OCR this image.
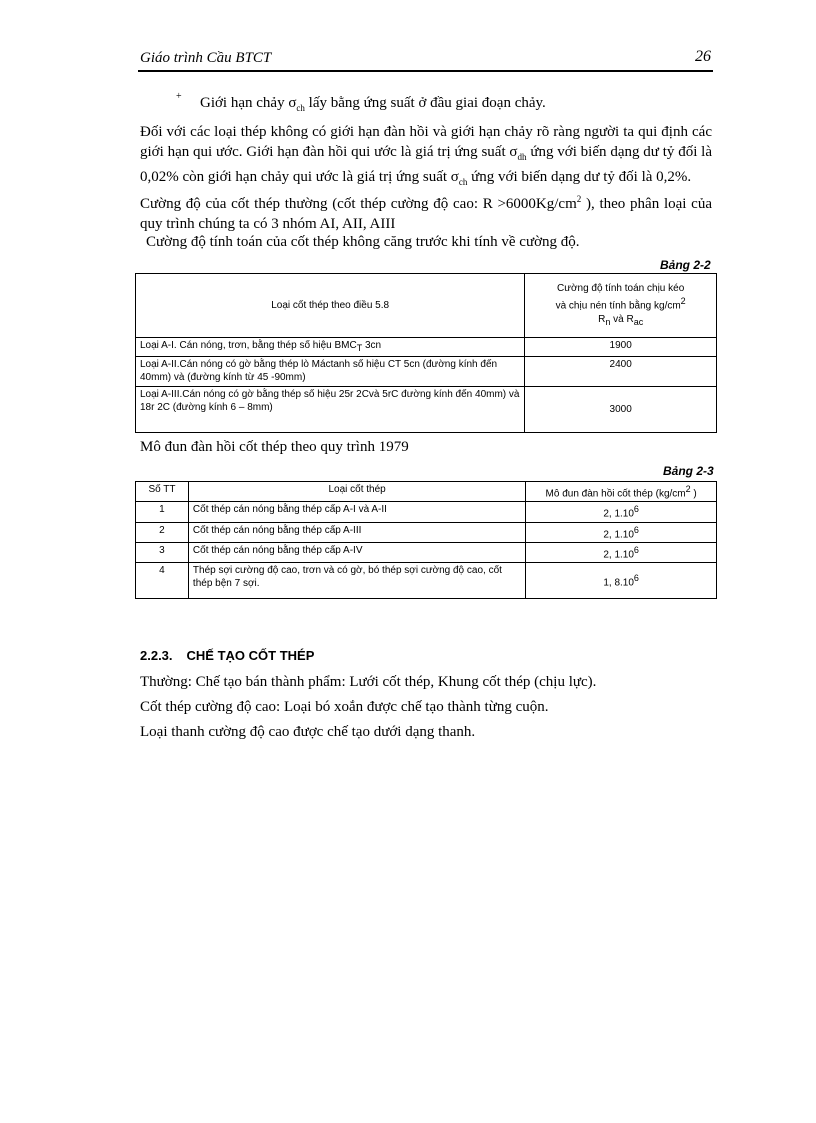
Giáo trình Cầu BTCT	26
+ Giới hạn chảy $\sigma_{ch}$ lấy bằng ứng suất ở đầu giai đoạn chảy.
Đối với các loại thép không có giới hạn đàn hồi và giới hạn chảy rõ ràng người ta qui định các giới hạn qui ước. Giới hạn đàn hồi qui ước là giá trị ứng suất $\sigma_{dh}$ ứng với biến dạng dư tỷ đối là 0,02% còn giới hạn chảy qui ước là giá trị ứng suất $\sigma_{ch}$ ứng với biến dạng dư tỷ đối là 0,2%.
Cường độ của cốt thép thường (cốt thép cường độ cao: $R >6000Kg/cm^2$ ), theo phân loại của quy trình chúng ta có 3 nhóm AI, AII, AIII
Cường độ tính toán của cốt thép không căng trước khi tính về cường độ.
Bảng 2-2
Loại cốt thép theo điều 5.8	Cường độ tính toán chịu kéo
và chịu nén tính bằng $kg/cm^2$
$R_n$ và $R_{ac}$
Loại A-I. Cán nóng, trơn, bằng thép số hiệu $BMC_T$ 3cn	1900
Loại A-II.Cán nóng có gờ bằng thép lò Máctanh số hiệu CT 5cn (đường kính đến 40mm) và (đường kính từ 45 -90mm)	2400
Loại A-III.Cán nóng có gờ bằng thép số hiệu 25r 2Cvà 5rC đường kính đến 40mm) và 18r 2C (đường kính 6 – 8mm)	3000
Mô đun đàn hồi cốt thép theo quy trình 1979
Bảng 2-3
Số TT	Loại cốt thép	Mô đun đàn hồi cốt thép ($kg/cm^2$ )
1	Cốt thép cán nóng bằng thép cấp A-I và A-II	2, 1.10$^6$
2	Cốt thép cán nóng bằng thép cấp A-III	2, 1.10$^6$
3	Cốt thép cán nóng bằng thép cấp A-IV	2, 1.10$^6$
4	Thép sợi cường độ cao, trơn và có gờ, bó thép sợi cường độ cao, cốt thép bện 7 sợi.	1, 8.10$^6$
2.2.3. CHẾ TẠO CỐT THÉP
Thường: Chế tạo bán thành phẩm: Lưới cốt thép, Khung cốt thép (chịu lực).
Cốt thép cường độ cao: Loại bó xoắn được chế tạo thành từng cuộn.
Loại thanh cường độ cao được chế tạo dưới dạng thanh.
